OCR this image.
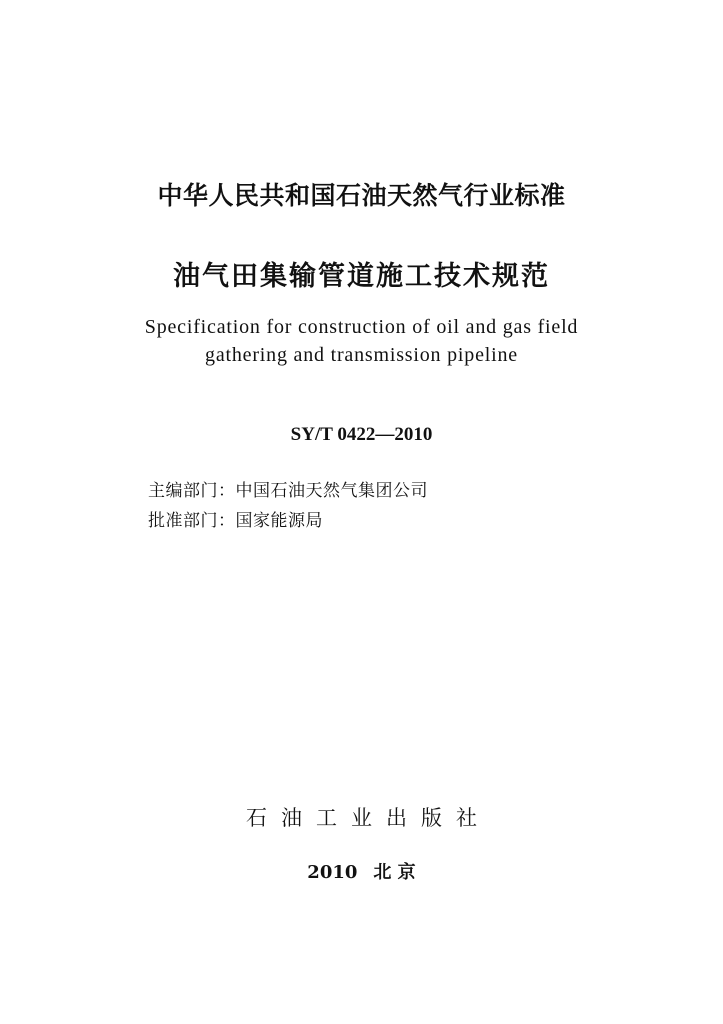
中华人民共和国石油天然气行业标准
油气田集输管道施工技术规范
Specification for construction of oil and gas field
gathering and transmission pipeline
SY/T 0422—2010
主编部门：中国石油天然气集团公司
批准部门：国家能源局
石油工业出版社
2010 北 京
